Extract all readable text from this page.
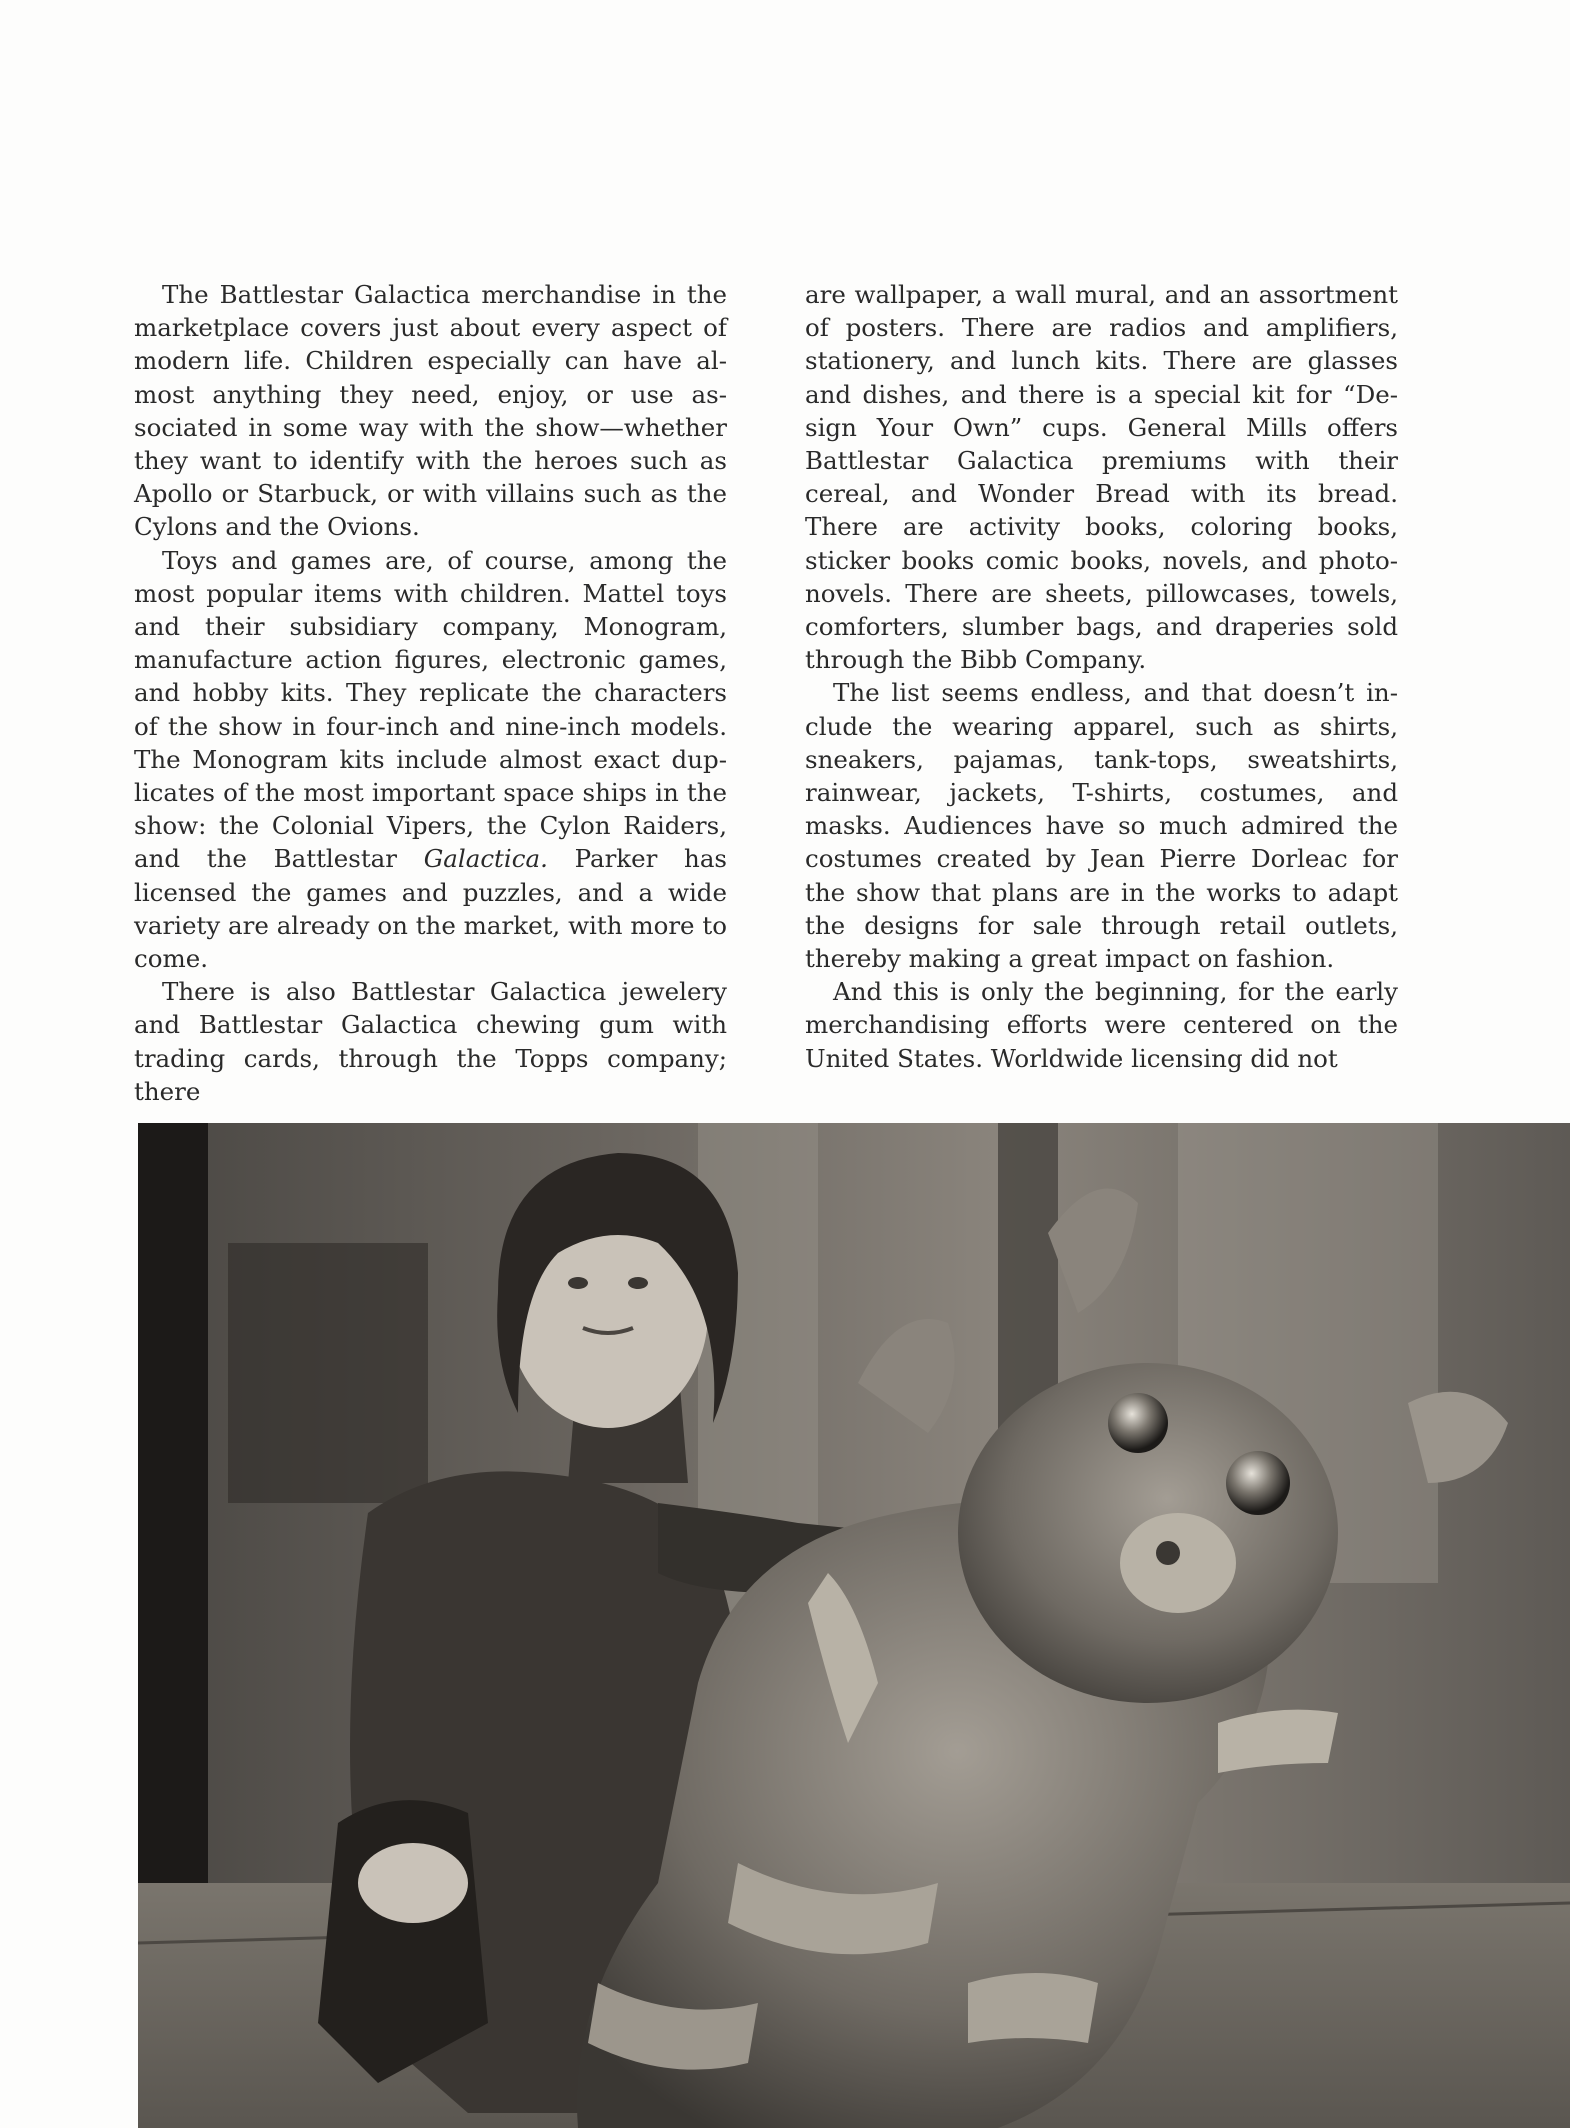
The Battlestar Galactica merchandise in the marketplace covers just about every aspect of modern life. Children especially can have almost anything they need, enjoy, or use associated in some way with the show—whether they want to identify with the heroes such as Apollo or Starbuck, or with villains such as the Cylons and the Ovions.

Toys and games are, of course, among the most popular items with children. Mattel toys and their subsidiary company, Monogram, manufacture action figures, electronic games, and hobby kits. They replicate the characters of the show in four-inch and nine-inch models. The Monogram kits include almost exact duplicates of the most important space ships in the show: the Colonial Vipers, the Cylon Raiders, and the Battlestar Galactica. Parker has licensed the games and puzzles, and a wide variety are already on the market, with more to come.

There is also Battlestar Galactica jewelery and Battlestar Galactica chewing gum with trading cards, through the Topps company; there

are wallpaper, a wall mural, and an assortment of posters. There are radios and amplifiers, stationery, and lunch kits. There are glasses and dishes, and there is a special kit for “Design Your Own” cups. General Mills offers Battlestar Galactica premiums with their cereal, and Wonder Bread with its bread. There are activity books, coloring books, sticker books comic books, novels, and photo-novels. There are sheets, pillowcases, towels, comforters, slumber bags, and draperies sold through the Bibb Company.

The list seems endless, and that doesn’t include the wearing apparel, such as shirts, sneakers, pajamas, tank-tops, sweatshirts, rainwear, jackets, T-shirts, costumes, and masks. Audiences have so much admired the costumes created by Jean Pierre Dorleac for the show that plans are in the works to adapt the designs for sale through retail outlets, thereby making a great impact on fashion.

And this is only the beginning, for the early merchandising efforts were centered on the United States. Worldwide licensing did not
